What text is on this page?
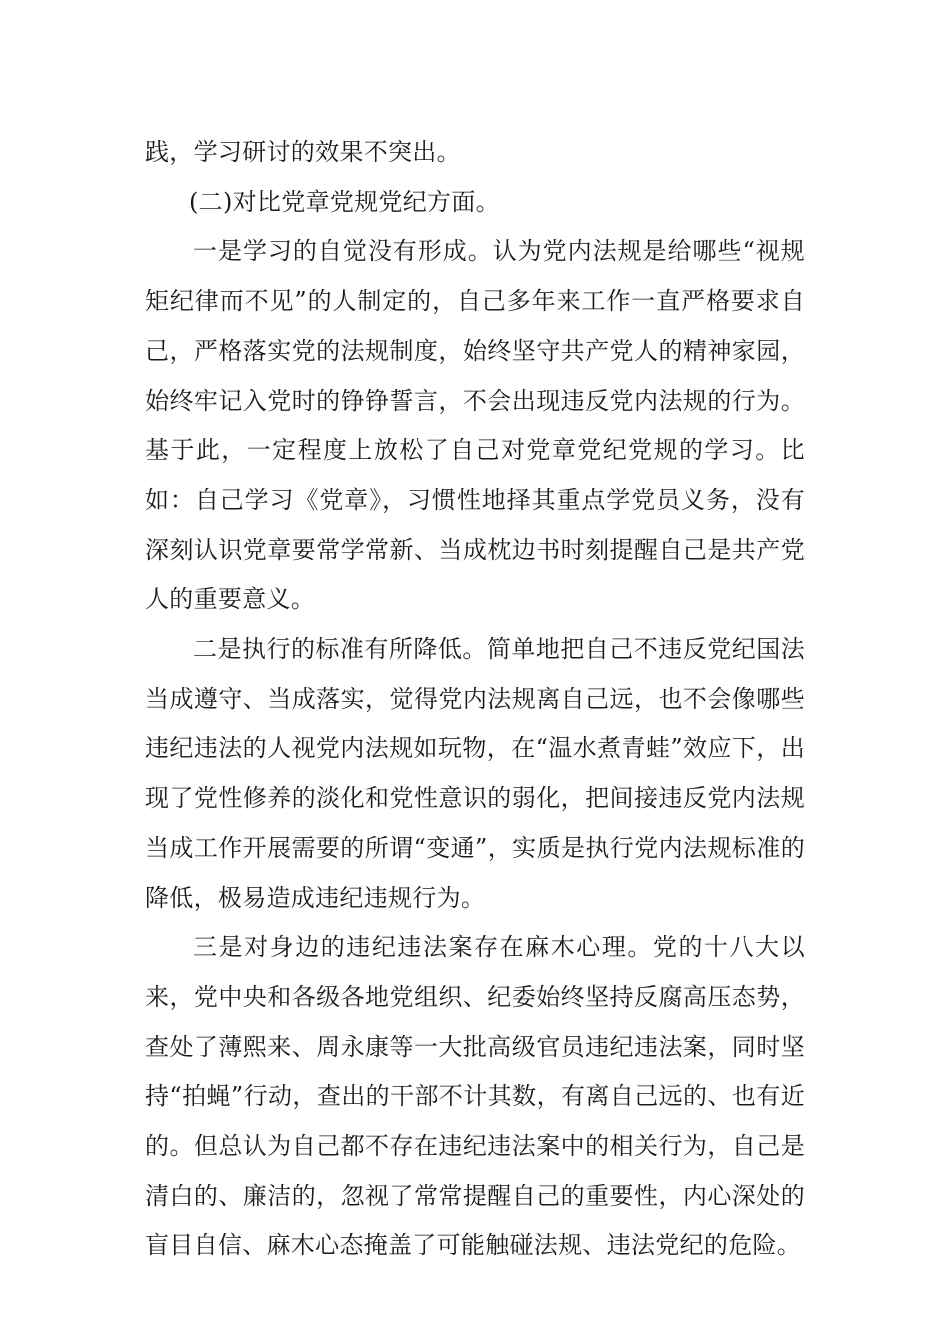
践，学习研讨的效果不突出。

(二)对比党章党规党纪方面。

一是学习的自觉没有形成。认为党内法规是给哪些“视规矩纪律而不见”的人制定的，自己多年来工作一直严格要求自己，严格落实党的法规制度，始终坚守共产党人的精神家园，始终牢记入党时的铮铮誓言，不会出现违反党内法规的行为。基于此，一定程度上放松了自己对党章党纪党规的学习。比如：自己学习《党章》，习惯性地择其重点学党员义务，没有深刻认识党章要常学常新、当成枕边书时刻提醒自己是共产党人的重要意义。

二是执行的标准有所降低。简单地把自己不违反党纪国法当成遵守、当成落实，觉得党内法规离自己远，也不会像哪些违纪违法的人视党内法规如玩物，在“温水煮青蛙”效应下，出现了党性修养的淡化和党性意识的弱化，把间接违反党内法规当成工作开展需要的所谓“变通”，实质是执行党内法规标准的降低，极易造成违纪违规行为。

三是对身边的违纪违法案存在麻木心理。党的十八大以来，党中央和各级各地党组织、纪委始终坚持反腐高压态势，查处了薄熙来、周永康等一大批高级官员违纪违法案，同时坚持“拍蝇”行动，查出的干部不计其数，有离自己远的、也有近的。但总认为自己都不存在违纪违法案中的相关行为，自己是清白的、廉洁的，忽视了常常提醒自己的重要性，内心深处的盲目自信、麻木心态掩盖了可能触碰法规、违法党纪的危险。
